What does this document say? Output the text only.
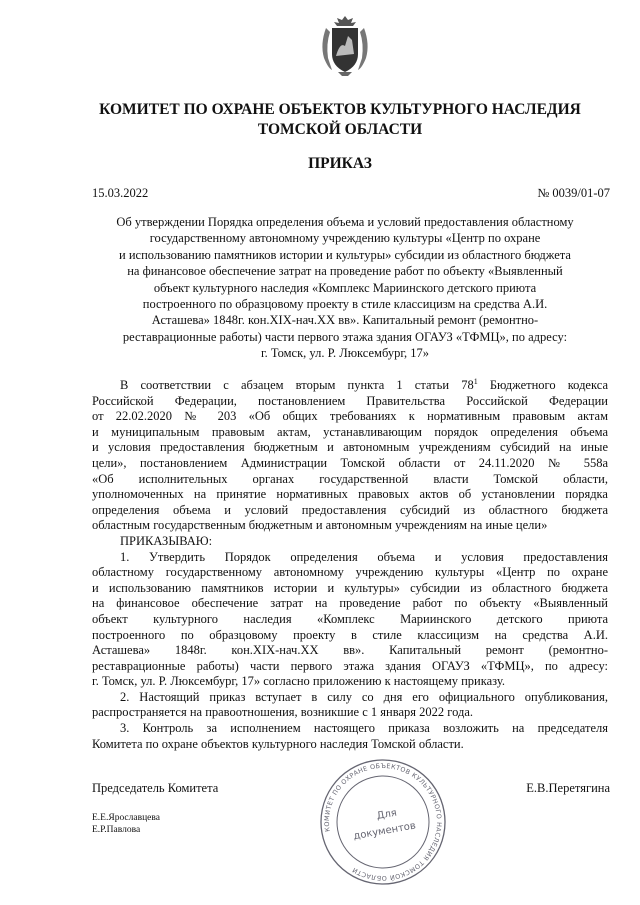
КОМИТЕТ ПО ОХРАНЕ ОБЪЕКТОВ КУЛЬТУРНОГО НАСЛЕДИЯ
ТОМСКОЙ ОБЛАСТИ
ПРИКАЗ
15.03.2022	№ 0039/01-07
Об утверждении Порядка определения объема и условий предоставления областному
государственному автономному учреждению культуры «Центр по охране
и использованию памятников истории и культуры» субсидии из областного бюджета
на финансовое обеспечение затрат на проведение работ по объекту «Выявленный
объект культурного наследия «Комплекс Мариинского детского приюта
построенного по образцовому проекту в стиле классицизм на средства А.И.
Асташева» 1848г. кон.XIX-нач.XX вв». Капитальный ремонт (ремонтно-
реставрационные работы) части первого этажа здания ОГАУЗ «ТФМЦ», по адресу:
г. Томск, ул. Р. Люксембург, 17»
В соответствии с абзацем вторым пункта 1 статьи $78^1$ Бюджетного кодекса
Российской Федерации, постановлением Правительства Российской Федерации
от 22.02.2020 № 203 «Об общих требованиях к нормативным правовым актам
и муниципальным правовым актам, устанавливающим порядок определения объема
и условия предоставления бюджетным и автономным учреждениям субсидий на иные
цели», постановлением Администрации Томской области от 24.11.2020 № 558а
«Об исполнительных органах государственной власти Томской области,
уполномоченных на принятие нормативных правовых актов об установлении порядка
определения объема и условий предоставления субсидий из областного бюджета
областным государственным бюджетным и автономным учреждениям на иные цели»
ПРИКАЗЫВАЮ:
1. Утвердить Порядок определения объема и условия предоставления
областному государственному автономному учреждению культуры «Центр по охране
и использованию памятников истории и культуры» субсидии из областного бюджета
на финансовое обеспечение затрат на проведение работ по объекту «Выявленный
объект культурного наследия «Комплекс Мариинского детского приюта
построенного по образцовому проекту в стиле классицизм на средства А.И.
Асташева» 1848г. кон.XIX-нач.XX вв». Капитальный ремонт (ремонтно-
реставрационные работы) части первого этажа здания ОГАУЗ «ТФМЦ», по адресу:
г. Томск, ул. Р. Люксембург, 17» согласно приложению к настоящему приказу.
2. Настоящий приказ вступает в силу со дня его официального опубликования,
распространяется на правоотношения, возникшие с 1 января 2022 года.
3. Контроль за исполнением настоящего приказа возложить на председателя
Комитета по охране объектов культурного наследия Томской области.
Председатель Комитета	Е.В.Перетягина
Е.Е.Ярославцева
Е.Р.Павлова	КОМИТЕТ ПО ОХРАНЕ ОБЪЕКТОВ КУЛЬТУРНОГО НАСЛЕДИЯ ТОМСКОЙ ОБЛАСТИ
Для
документов
